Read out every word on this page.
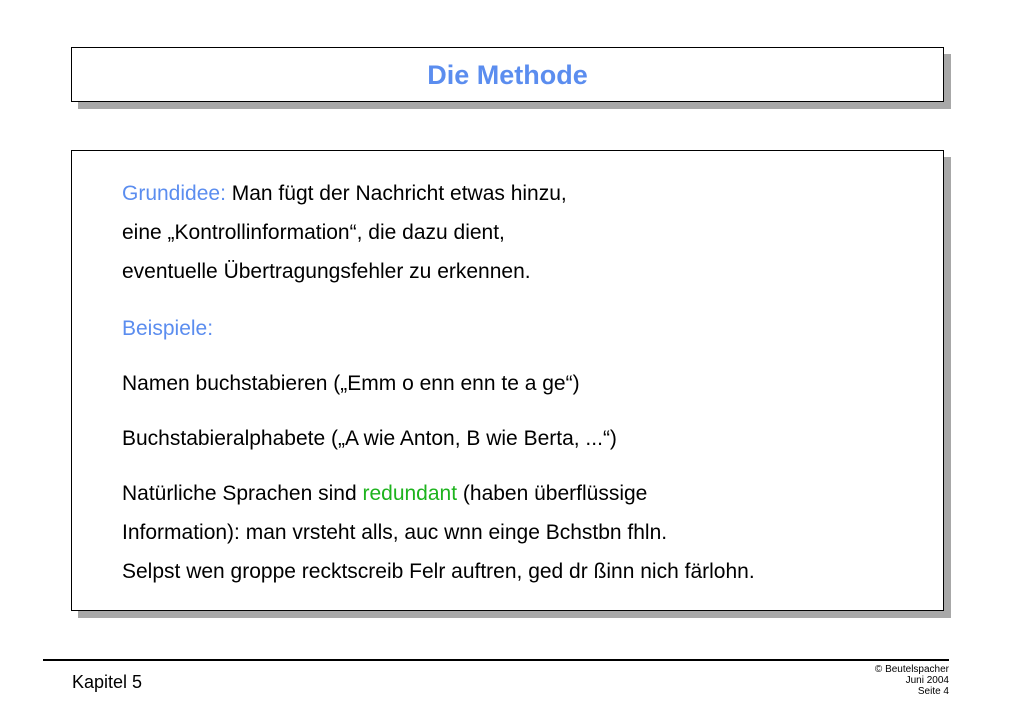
Die Methode
Grundidee: Man fügt der Nachricht etwas hinzu,
eine „Kontrollinformation“, die dazu dient,
eventuelle Übertragungsfehler zu erkennen.
Beispiele:
Namen buchstabieren („Emm o enn enn te a ge“)
Buchstabieralphabete („A wie Anton, B wie Berta, ...“)
Natürliche Sprachen sind redundant (haben überflüssige
Information): man vrsteht alls, auc wnn einge Bchstbn fhln.
Selpst wen groppe recktscreib Felr auftren, ged dr ßinn nich färlohn.
Kapitel 5
© Beutelspacher
Juni 2004
Seite 4
